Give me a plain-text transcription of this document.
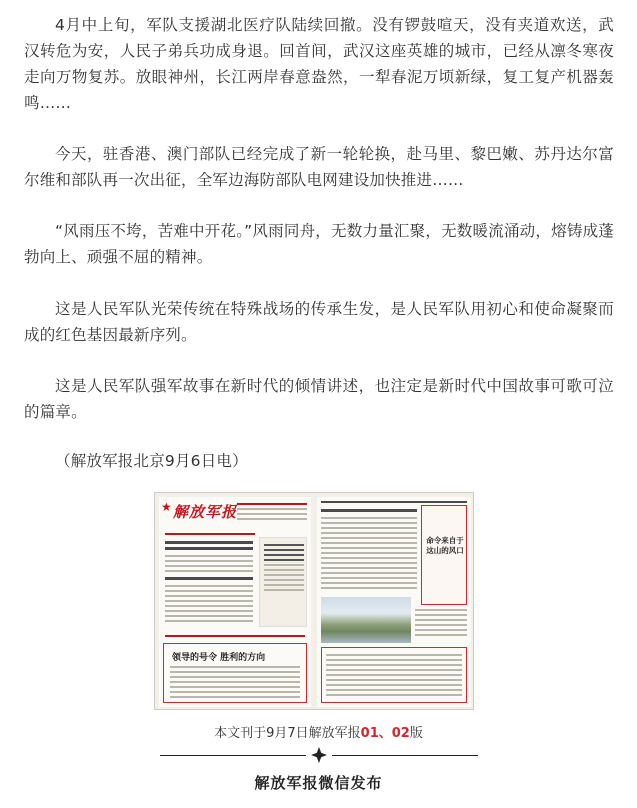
4月中上旬，军队支援湖北医疗队陆续回撤。没有锣鼓喧天，没有夹道欢送，武汉转危为安，人民子弟兵功成身退。回首间，武汉这座英雄的城市，已经从凛冬寒夜走向万物复苏。放眼神州，长江两岸春意盎然，一犁春泥万顷新绿，复工复产机器轰鸣……

今天，驻香港、澳门部队已经完成了新一轮轮换，赴马里、黎巴嫩、苏丹达尔富尔维和部队再一次出征，全军边海防部队电网建设加快推进……

“风雨压不垮，苦难中开花。”风雨同舟，无数力量汇聚，无数暖流涌动，熔铸成蓬勃向上、顽强不屈的精神。

这是人民军队光荣传统在特殊战场的传承生发，是人民军队用初心和使命凝聚而成的红色基因最新序列。

这是人民军队强军故事在新时代的倾情讲述，也注定是新时代中国故事可歌可泣的篇章。

（解放军报北京9月6日电）

★ 解放军报
领导的号令 胜利的方向
命令来自于这山的风口
本文刊于9月7日解放军报01、02版
解放军报微信发布
